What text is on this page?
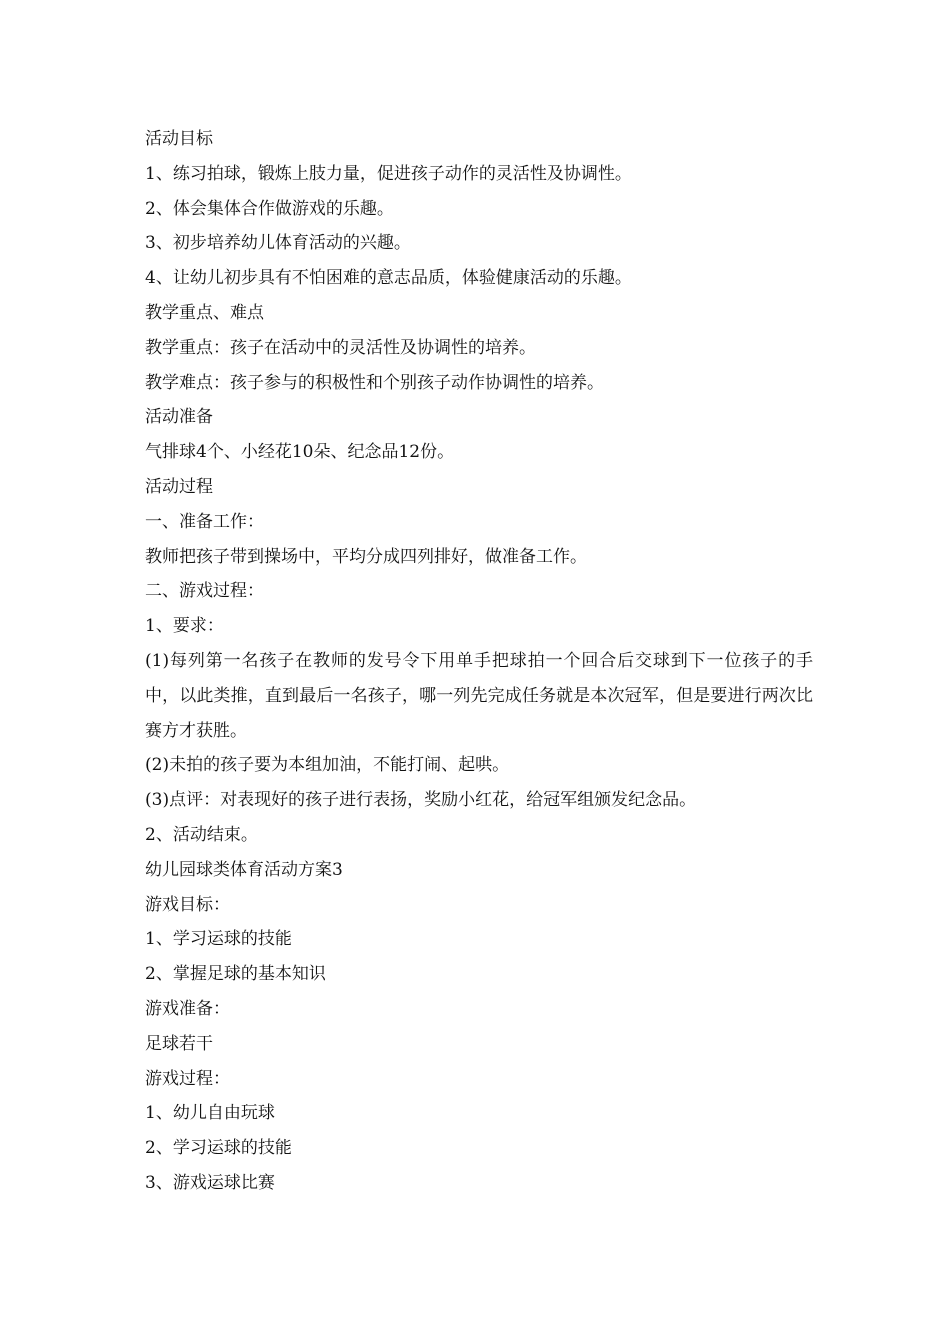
活动目标

1、练习拍球，锻炼上肢力量，促进孩子动作的灵活性及协调性。

2、体会集体合作做游戏的乐趣。

3、初步培养幼儿体育活动的兴趣。

4、让幼儿初步具有不怕困难的意志品质，体验健康活动的乐趣。

教学重点、难点

教学重点：孩子在活动中的灵活性及协调性的培养。

教学难点：孩子参与的积极性和个别孩子动作协调性的培养。

活动准备

气排球4个、小经花10朵、纪念品12份。

活动过程

一、准备工作：

教师把孩子带到操场中，平均分成四列排好，做准备工作。

二、游戏过程：

1、要求：

(1)每列第一名孩子在教师的发号令下用单手把球拍一个回合后交球到下一位孩子的手中，以此类推，直到最后一名孩子，哪一列先完成任务就是本次冠军，但是要进行两次比赛方才获胜。

(2)未拍的孩子要为本组加油，不能打闹、起哄。

(3)点评：对表现好的孩子进行表扬，奖励小红花，给冠军组颁发纪念品。

2、活动结束。

幼儿园球类体育活动方案3

游戏目标：

1、学习运球的技能

2、掌握足球的基本知识

游戏准备：

足球若干

游戏过程：

1、幼儿自由玩球

2、学习运球的技能

3、游戏运球比赛
